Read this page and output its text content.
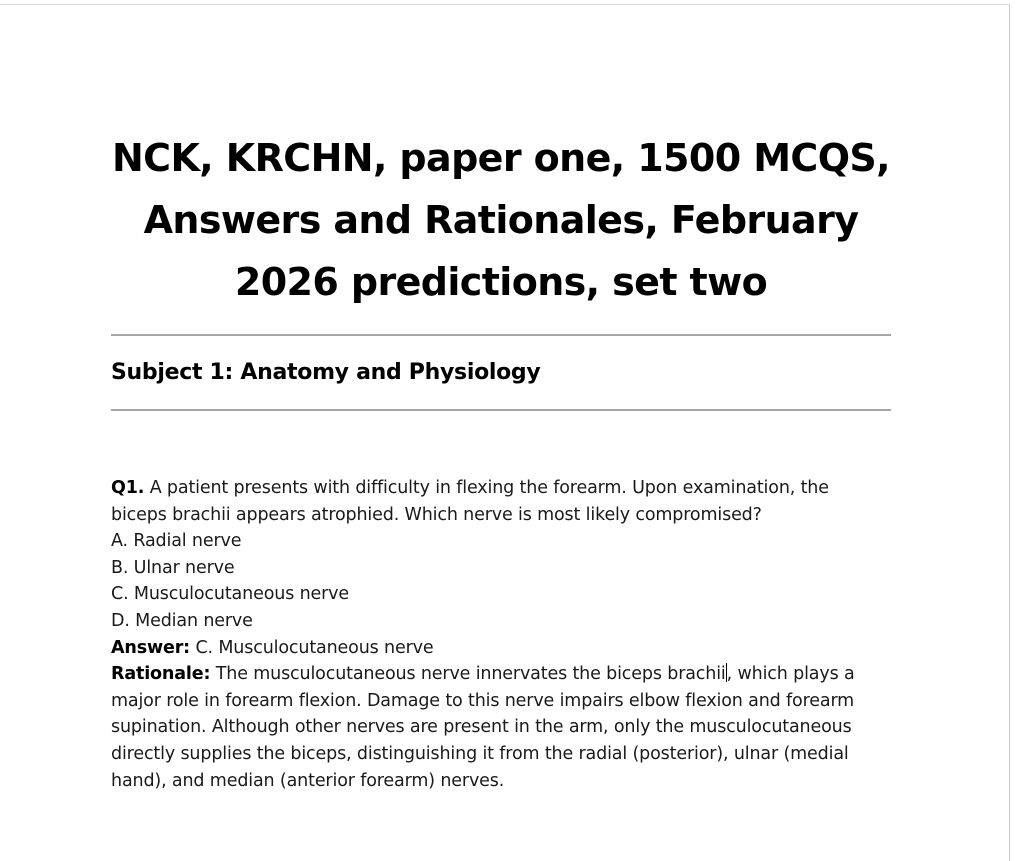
NCK, KRCHN, paper one, 1500 MCQS, Answers and Rationales, February 2026 predictions, set two
Subject 1: Anatomy and Physiology

Q1. A patient presents with difficulty in flexing the forearm. Upon examination, the biceps brachii appears atrophied. Which nerve is most likely compromised?

A. Radial nerve

B. Ulnar nerve

C. Musculocutaneous nerve

D. Median nerve

Answer: C. Musculocutaneous nerve

Rationale: The musculocutaneous nerve innervates the biceps brachii, which plays a major role in forearm flexion. Damage to this nerve impairs elbow flexion and forearm supination. Although other nerves are present in the arm, only the musculocutaneous directly supplies the biceps, distinguishing it from the radial (posterior), ulnar (medial hand), and median (anterior forearm) nerves.
